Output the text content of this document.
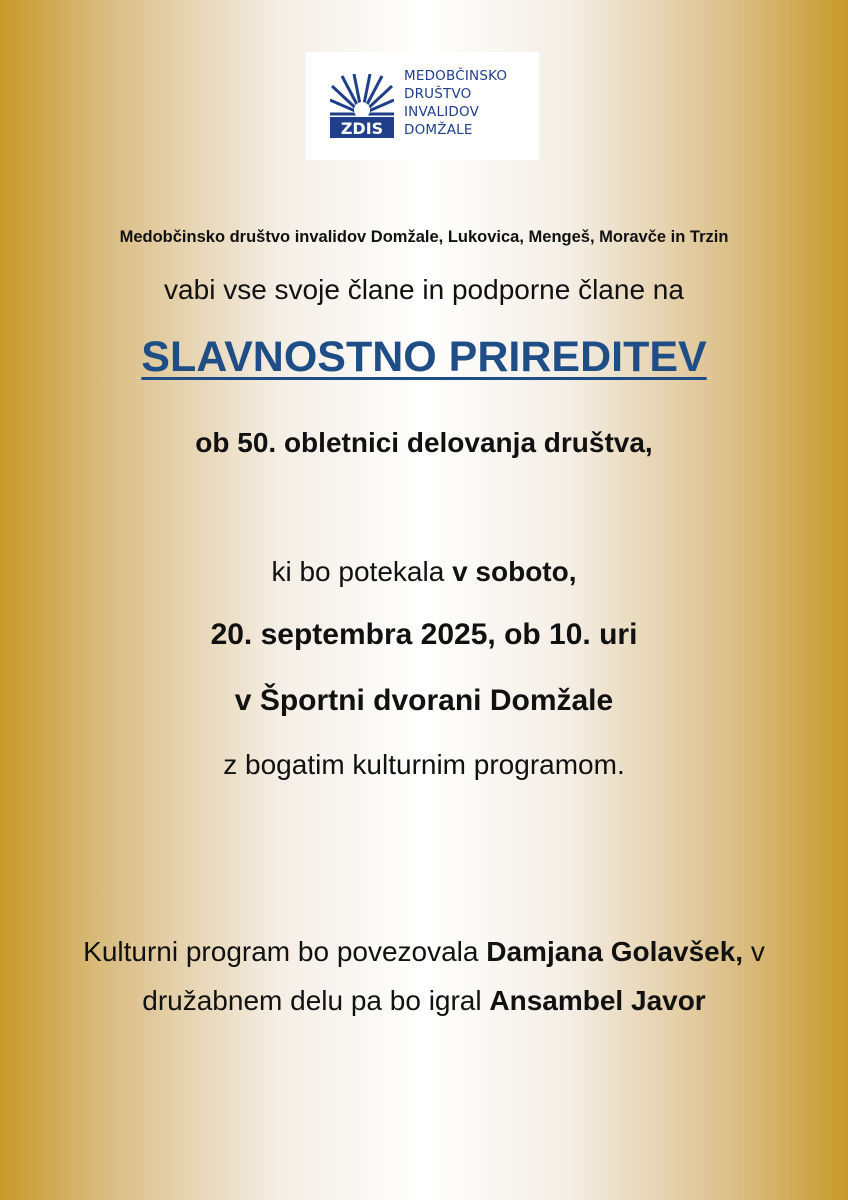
ZDIS
MEDOBČINSKO
DRUŠTVO
INVALIDOV
DOMŽALE
Medobčinsko društvo invalidov Domžale, Lukovica, Mengeš, Moravče in Trzin
vabi vse svoje člane in podporne člane na
SLAVNOSTNO PRIREDITEV
ob 50. obletnici delovanja društva,
ki bo potekala v soboto,
20. septembra 2025, ob 10. uri
v Športni dvorani Domžale
z bogatim kulturnim programom.
Kulturni program bo povezovala Damjana Golavšek, v
družabnem delu pa bo igral Ansambel Javor
